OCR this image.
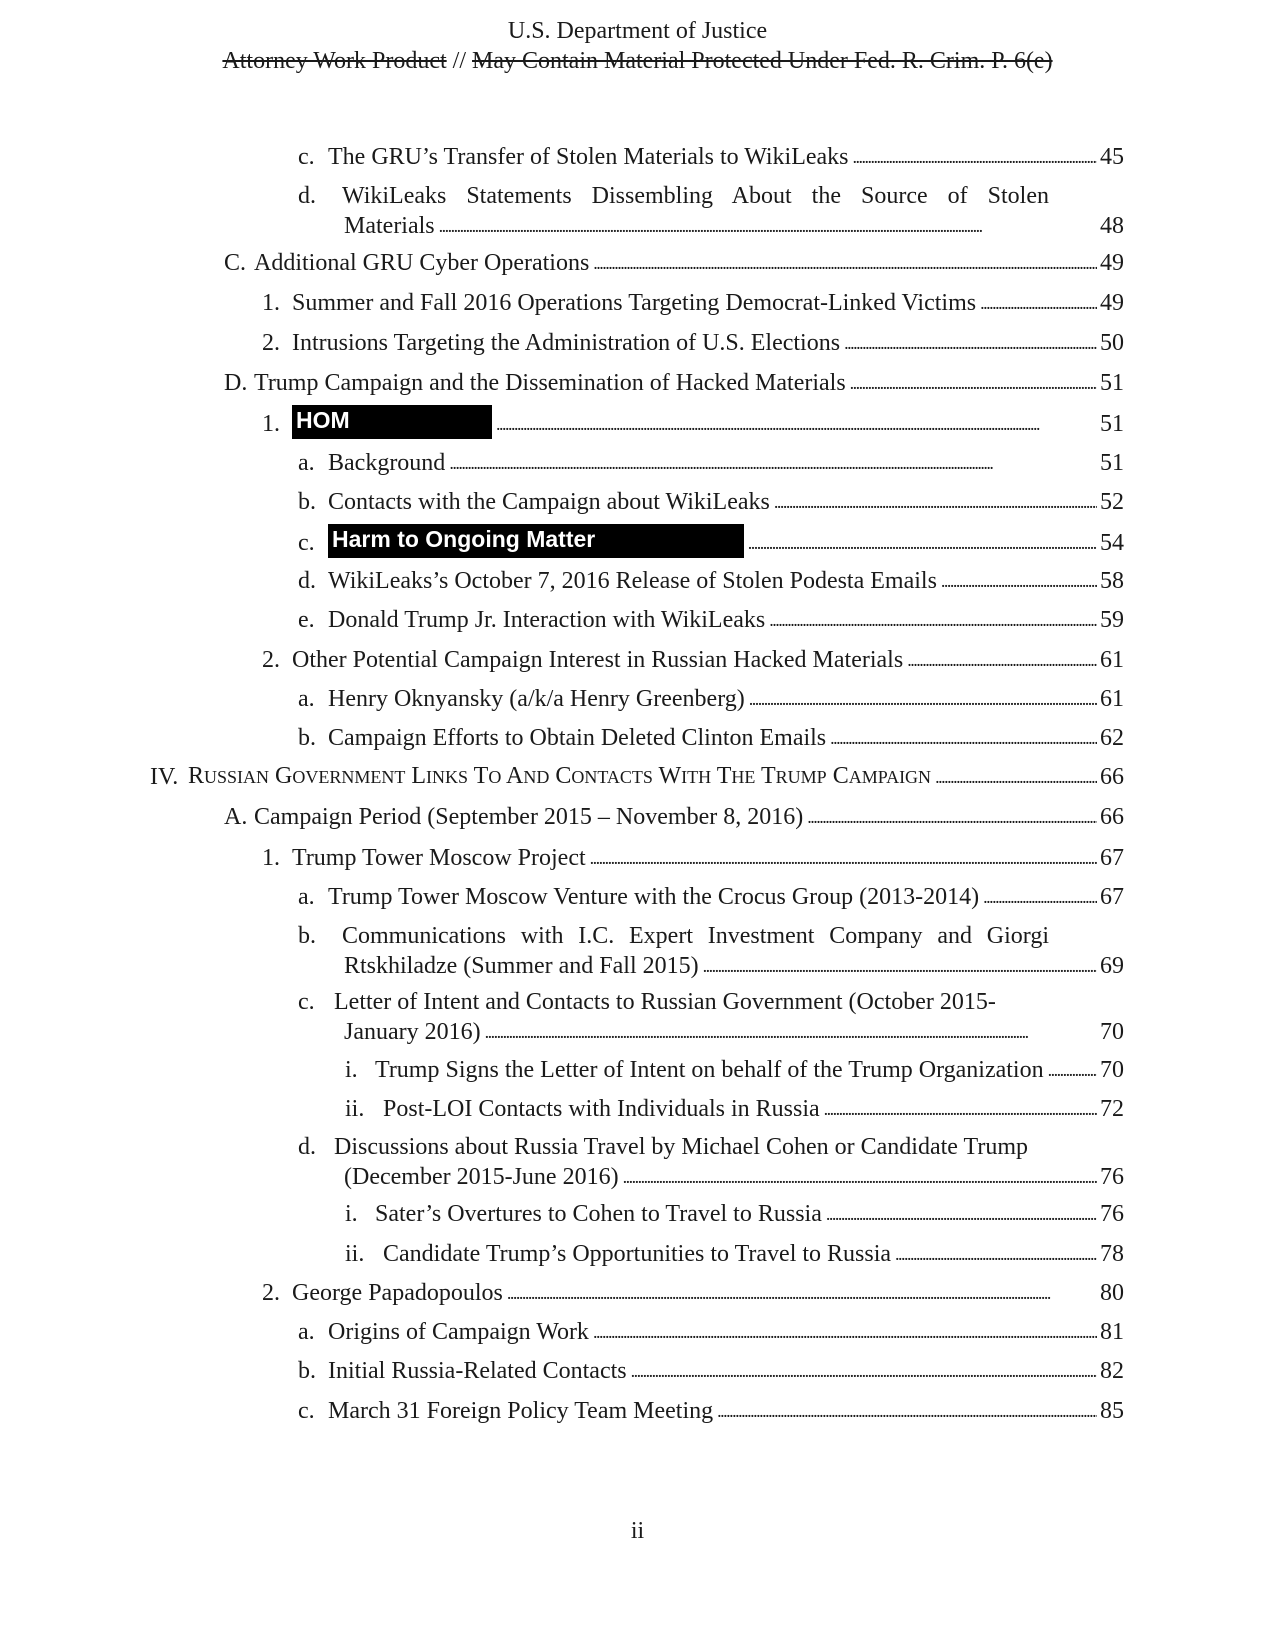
U.S. Department of Justice
Attorney Work Product // May Contain Material Protected Under Fed. R. Crim. P. 6(e)
c. The GRU’s Transfer of Stolen Materials to WikiLeaks . . .	45
d.	WikiLeaks Statements Dissembling About the Source of Stolen
Materials . . .	48
C. Additional GRU Cyber Operations . . .	49
1. Summer and Fall 2016 Operations Targeting Democrat-Linked Victims . . .	49
2. Intrusions Targeting the Administration of U.S. Elections . . .	50
D. Trump Campaign and the Dissemination of Hacked Materials . . .	51
1. HOM . . .	51
a. Background . . .	51
b. Contacts with the Campaign about WikiLeaks . . .	52
c. Harm to Ongoing Matter . . .	54
d. WikiLeaks’s October 7, 2016 Release of Stolen Podesta Emails . . .	58
e. Donald Trump Jr. Interaction with WikiLeaks . . .	59
2. Other Potential Campaign Interest in Russian Hacked Materials . . .	61
a. Henry Oknyansky (a/k/a Henry Greenberg) . . .	61
b. Campaign Efforts to Obtain Deleted Clinton Emails . . .	62
IV. RUSSIAN GOVERNMENT LINKS TO AND CONTACTS WITH THE TRUMP CAMPAIGN . . .	66
A. Campaign Period (September 2015 – November 8, 2016) . . .	66
1. Trump Tower Moscow Project . . .	67
a. Trump Tower Moscow Venture with the Crocus Group (2013-2014) . . .	67
b.	Communications with I.C. Expert Investment Company and Giorgi
Rtskhiladze (Summer and Fall 2015) . . .	69
c. Letter of Intent and Contacts to Russian Government (October 2015-
January 2016) . . .	70
i. Trump Signs the Letter of Intent on behalf of the Trump Organization . . . 70
ii. Post-LOI Contacts with Individuals in Russia . . .	72
d. Discussions about Russia Travel by Michael Cohen or Candidate Trump
(December 2015-June 2016) . . .	76
i. Sater’s Overtures to Cohen to Travel to Russia . . .	76
ii. Candidate Trump’s Opportunities to Travel to Russia . . .	78
2. George Papadopoulos . . .	80
a. Origins of Campaign Work . . .	81
b. Initial Russia-Related Contacts . . .	82
c. March 31 Foreign Policy Team Meeting . . .	85
ii
